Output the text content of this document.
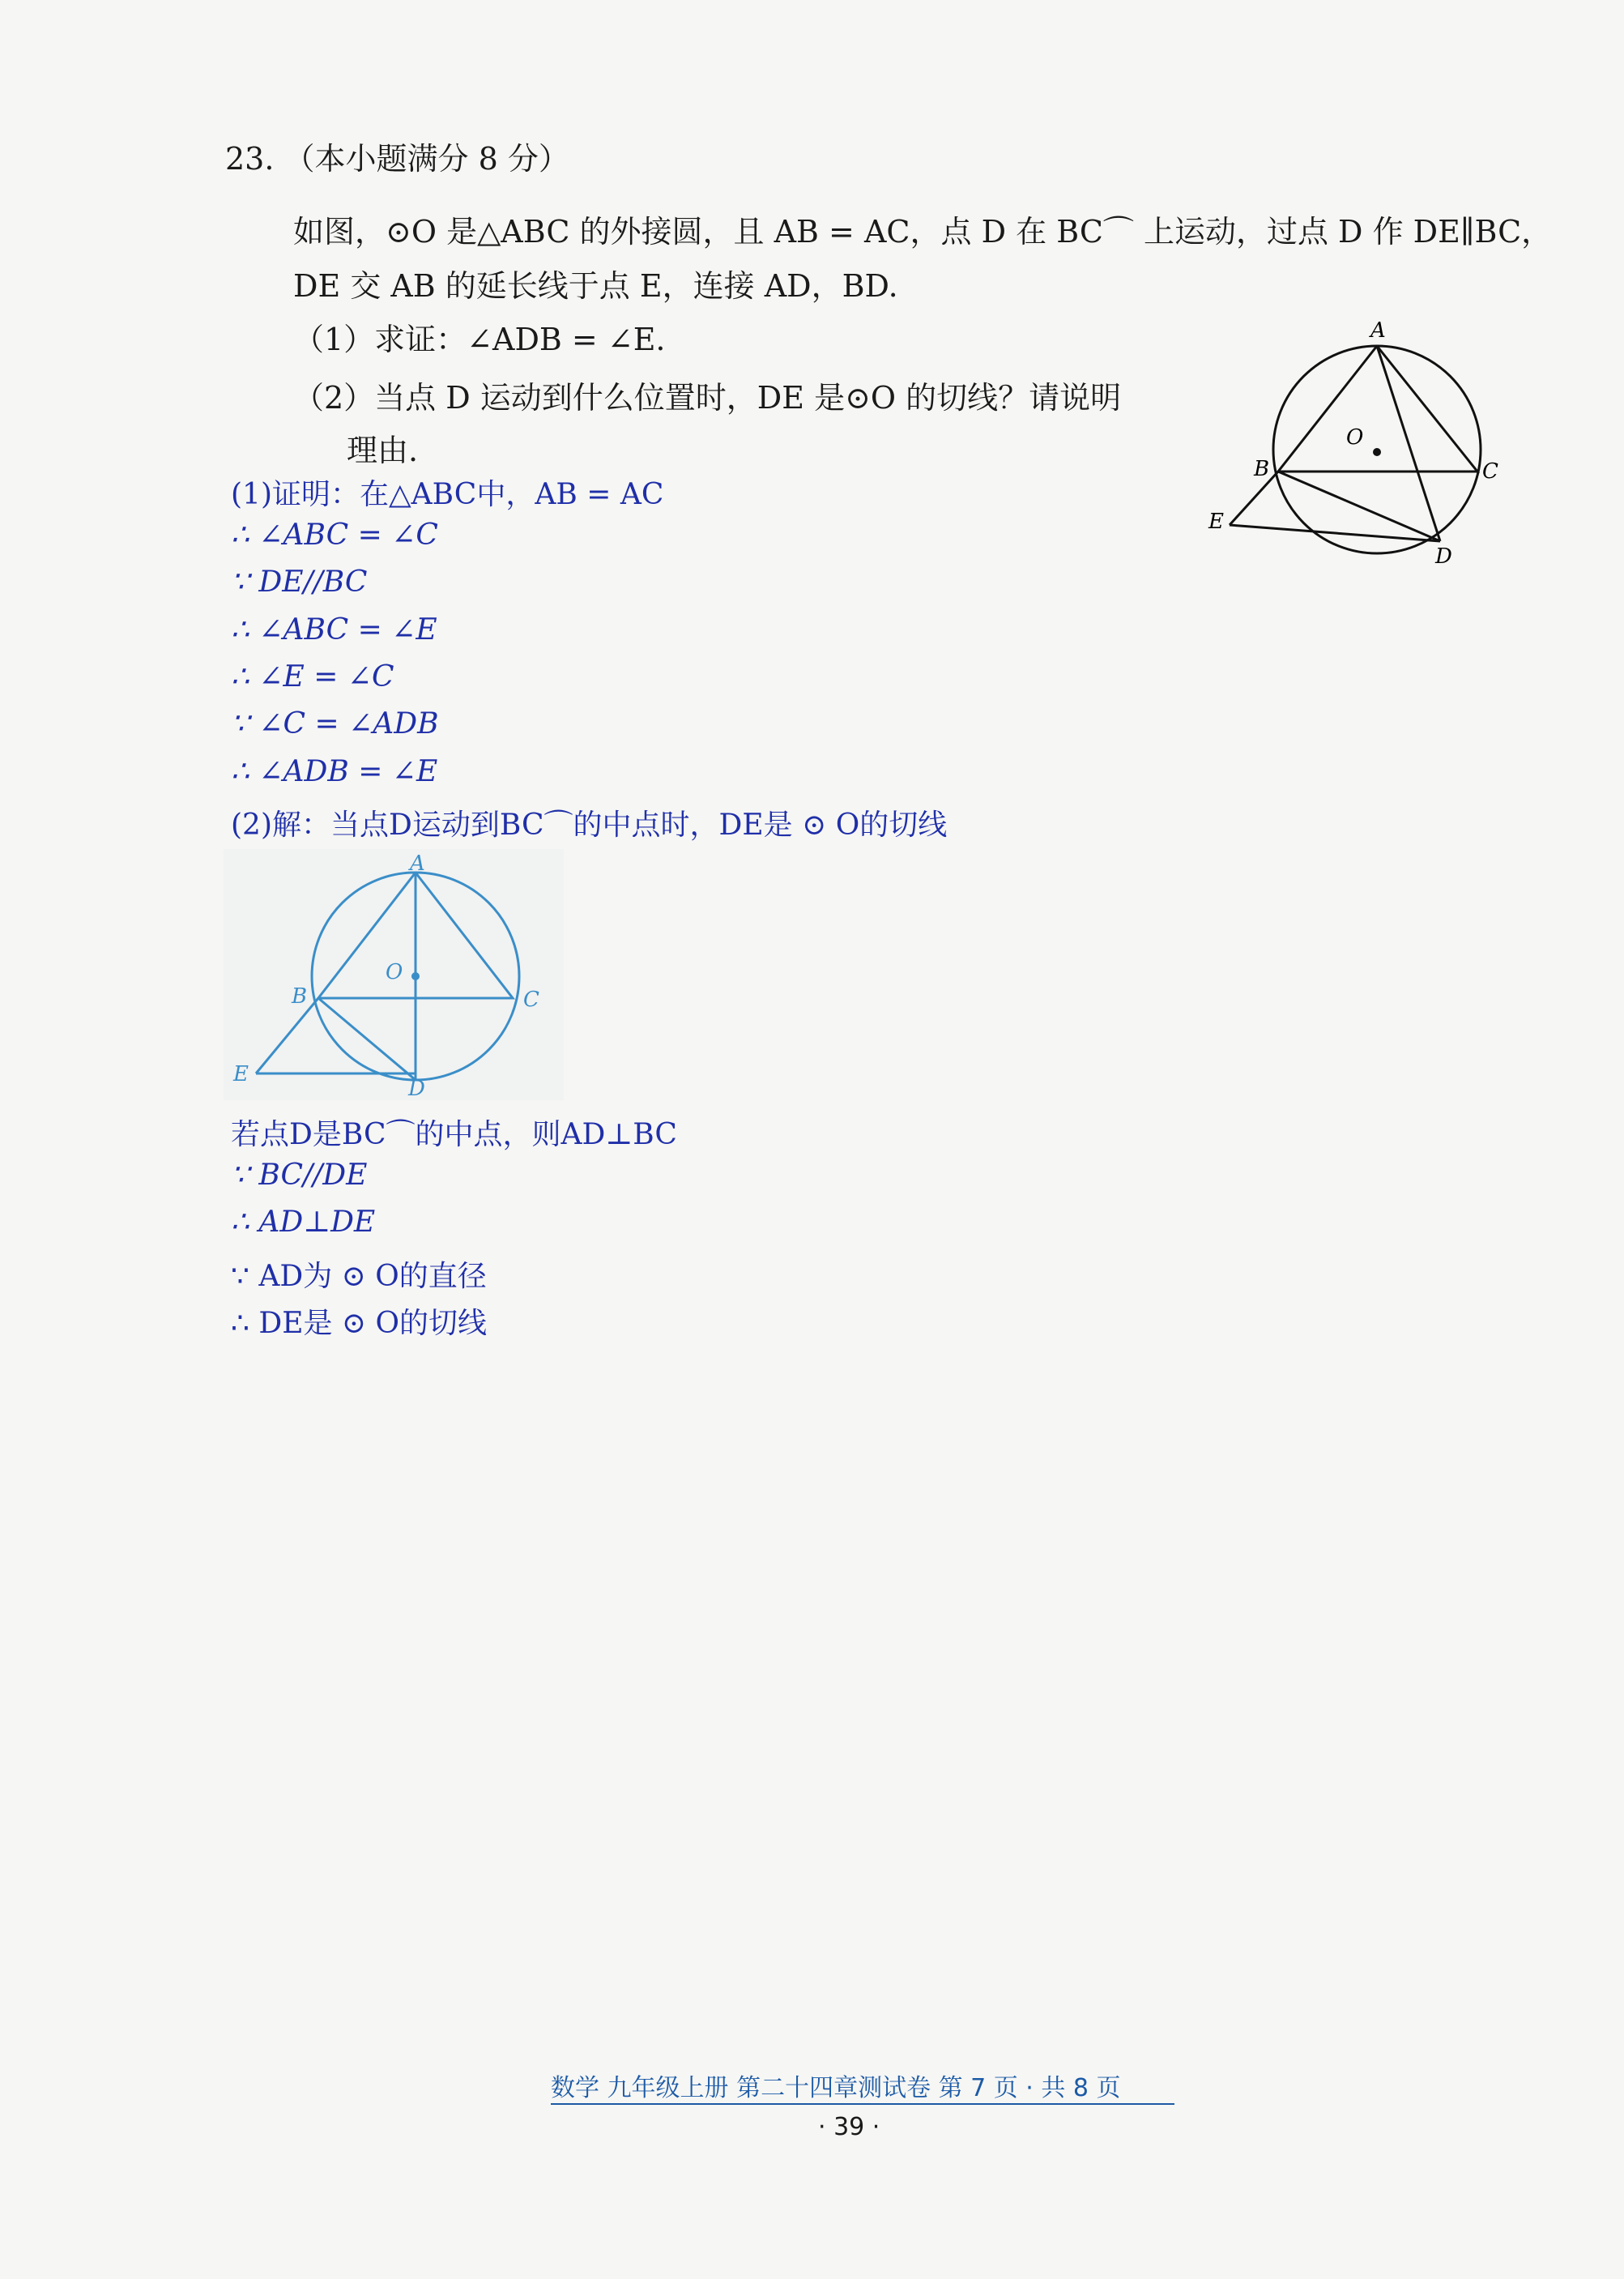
23. （本小题满分 8 分）
如图，⊙O 是△ABC 的外接圆，且 AB = AC，点 D 在 BC⌒ 上运动，过点 D 作 DE∥BC，
DE 交 AB 的延长线于点 E，连接 AD，BD.
（1）求证：∠ADB = ∠E.
（2）当点 D 运动到什么位置时，DE 是⊙O 的切线？请说明
理由.
A
B	C
D
E
O
(1)证明：在△ABC中，AB = AC
∴ ∠ABC = ∠C
∵ DE//BC
∴ ∠ABC = ∠E
∴ ∠E = ∠C
∵ ∠C = ∠ADB
∴ ∠ADB = ∠E
(2)解：当点D运动到BC⌒的中点时，DE是 ⊙ O的切线
A
B	C
D
E
O
若点D是BC⌒的中点，则AD⊥BC
∵ BC//DE
∴ AD⊥DE
∵ AD为 ⊙ O的直径
∴ DE是 ⊙ O的切线
数学 九年级上册 第二十四章测试卷 第 7 页 · 共 8 页
· 39 ·
